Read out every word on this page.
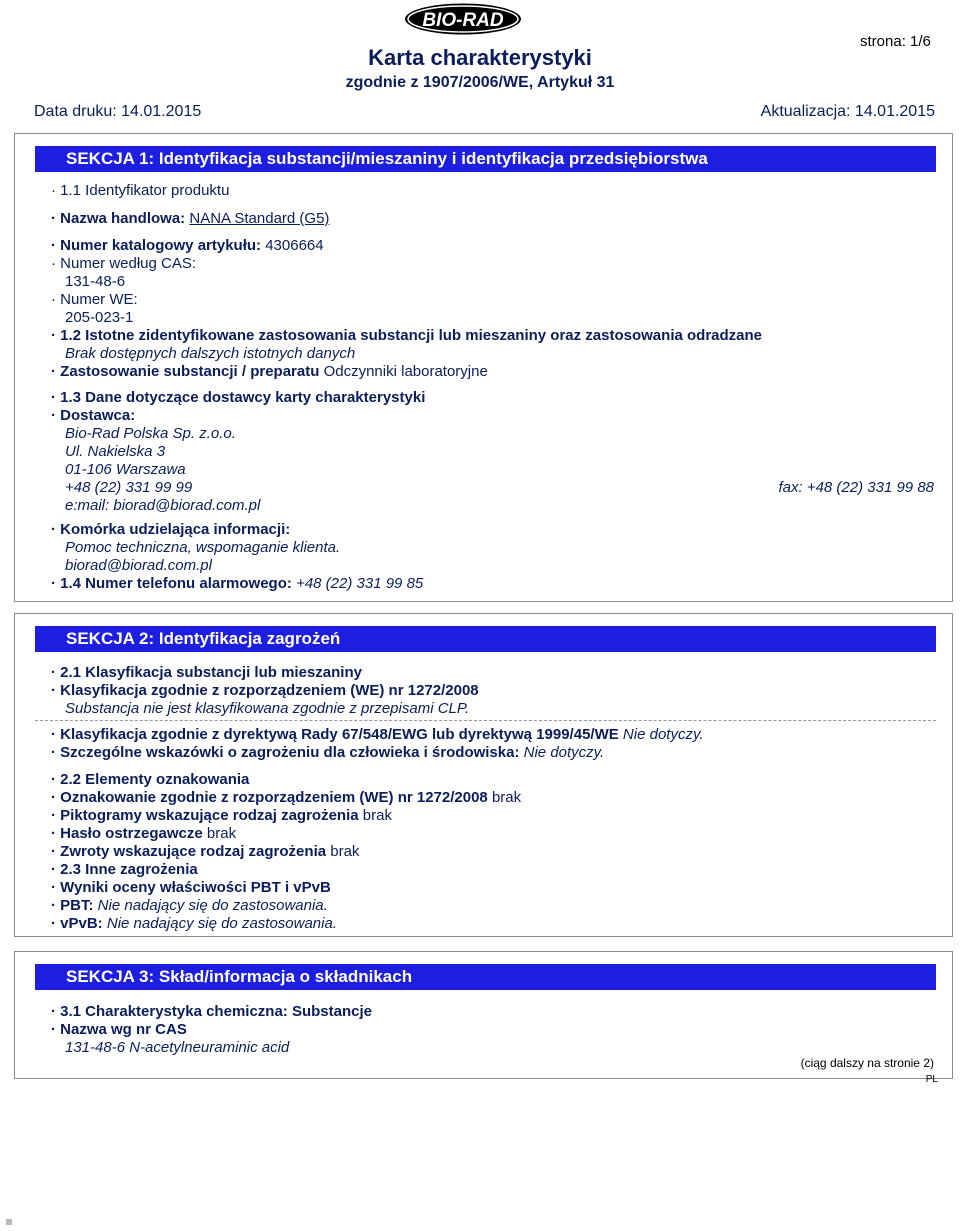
BIO-RAD
strona: 1/6
Karta charakterystyki
zgodnie z 1907/2006/WE, Artykuł 31
Data druku: 14.01.2015	Aktualizacja: 14.01.2015
SEKCJA 1: Identyfikacja substancji/mieszaniny i identyfikacja przedsiębiorstwa
· 1.1 Identyfikator produktu
· Nazwa handlowa: NANA Standard (G5)
· Numer katalogowy artykułu: 4306664
· Numer według CAS:
131-48-6
· Numer WE:
205-023-1
· 1.2 Istotne zidentyfikowane zastosowania substancji lub mieszaniny oraz zastosowania odradzane
Brak dostępnych dalszych istotnych danych
· Zastosowanie substancji / preparatu Odczynniki laboratoryjne
· 1.3 Dane dotyczące dostawcy karty charakterystyki
· Dostawca:
Bio-Rad Polska Sp. z.o.o.
Ul. Nakielska 3
01-106 Warszawa
+48 (22) 331 99 99	fax: +48 (22) 331 99 88
e:mail: biorad@biorad.com.pl
· Komórka udzielająca informacji:
Pomoc techniczna, wspomaganie klienta.
biorad@biorad.com.pl
· 1.4 Numer telefonu alarmowego: +48 (22) 331 99 85
SEKCJA 2: Identyfikacja zagrożeń
· 2.1 Klasyfikacja substancji lub mieszaniny
· Klasyfikacja zgodnie z rozporządzeniem (WE) nr 1272/2008
Substancja nie jest klasyfikowana zgodnie z przepisami CLP.
· Klasyfikacja zgodnie z dyrektywą Rady 67/548/EWG lub dyrektywą 1999/45/WE Nie dotyczy.
· Szczególne wskazówki o zagrożeniu dla człowieka i środowiska: Nie dotyczy.
· 2.2 Elementy oznakowania
· Oznakowanie zgodnie z rozporządzeniem (WE) nr 1272/2008 brak
· Piktogramy wskazujące rodzaj zagrożenia brak
· Hasło ostrzegawcze brak
· Zwroty wskazujące rodzaj zagrożenia brak
· 2.3 Inne zagrożenia
· Wyniki oceny właściwości PBT i vPvB
· PBT: Nie nadający się do zastosowania.
· vPvB: Nie nadający się do zastosowania.
SEKCJA 3: Skład/informacja o składnikach
· 3.1 Charakterystyka chemiczna: Substancje
· Nazwa wg nr CAS
131-48-6 N-acetylneuraminic acid
(ciąg dalszy na stronie 2)
PL
